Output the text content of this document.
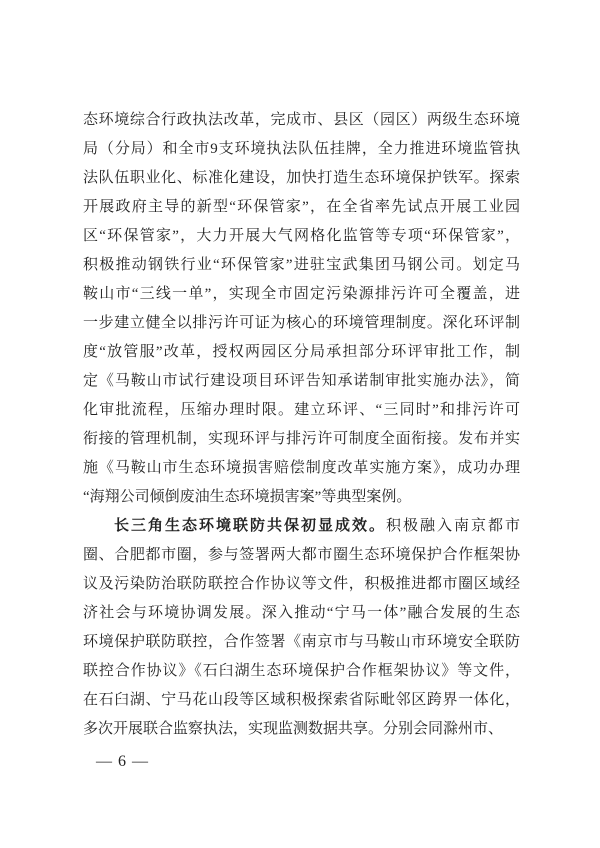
态环境综合行政执法改革，完成市、县区（园区）两级生态环境
局（分局）和全市9支环境执法队伍挂牌，全力推进环境监管执
法队伍职业化、标准化建设，加快打造生态环境保护铁军。探索
开展政府主导的新型“环保管家”，在全省率先试点开展工业园
区“环保管家”，大力开展大气网格化监管等专项“环保管家”，
积极推动钢铁行业“环保管家”进驻宝武集团马钢公司。划定马
鞍山市“三线一单”，实现全市固定污染源排污许可全覆盖，进
一步建立健全以排污许可证为核心的环境管理制度。深化环评制
度“放管服”改革，授权两园区分局承担部分环评审批工作，制
定《马鞍山市试行建设项目环评告知承诺制审批实施办法》，简
化审批流程，压缩办理时限。建立环评、“三同时”和排污许可
衔接的管理机制，实现环评与排污许可制度全面衔接。发布并实
施《马鞍山市生态环境损害赔偿制度改革实施方案》，成功办理
“海翔公司倾倒废油生态环境损害案”等典型案例。
长三角生态环境联防共保初显成效。积极融入南京都市
圈、合肥都市圈，参与签署两大都市圈生态环境保护合作框架协
议及污染防治联防联控合作协议等文件，积极推进都市圈区域经
济社会与环境协调发展。深入推动“宁马一体”融合发展的生态
环境保护联防联控，合作签署《南京市与马鞍山市环境安全联防
联控合作协议》《石臼湖生态环境保护合作框架协议》等文件，
在石臼湖、宁马花山段等区域积极探索省际毗邻区跨界一体化，
多次开展联合监察执法，实现监测数据共享。分别会同滁州市、
— 6 —
